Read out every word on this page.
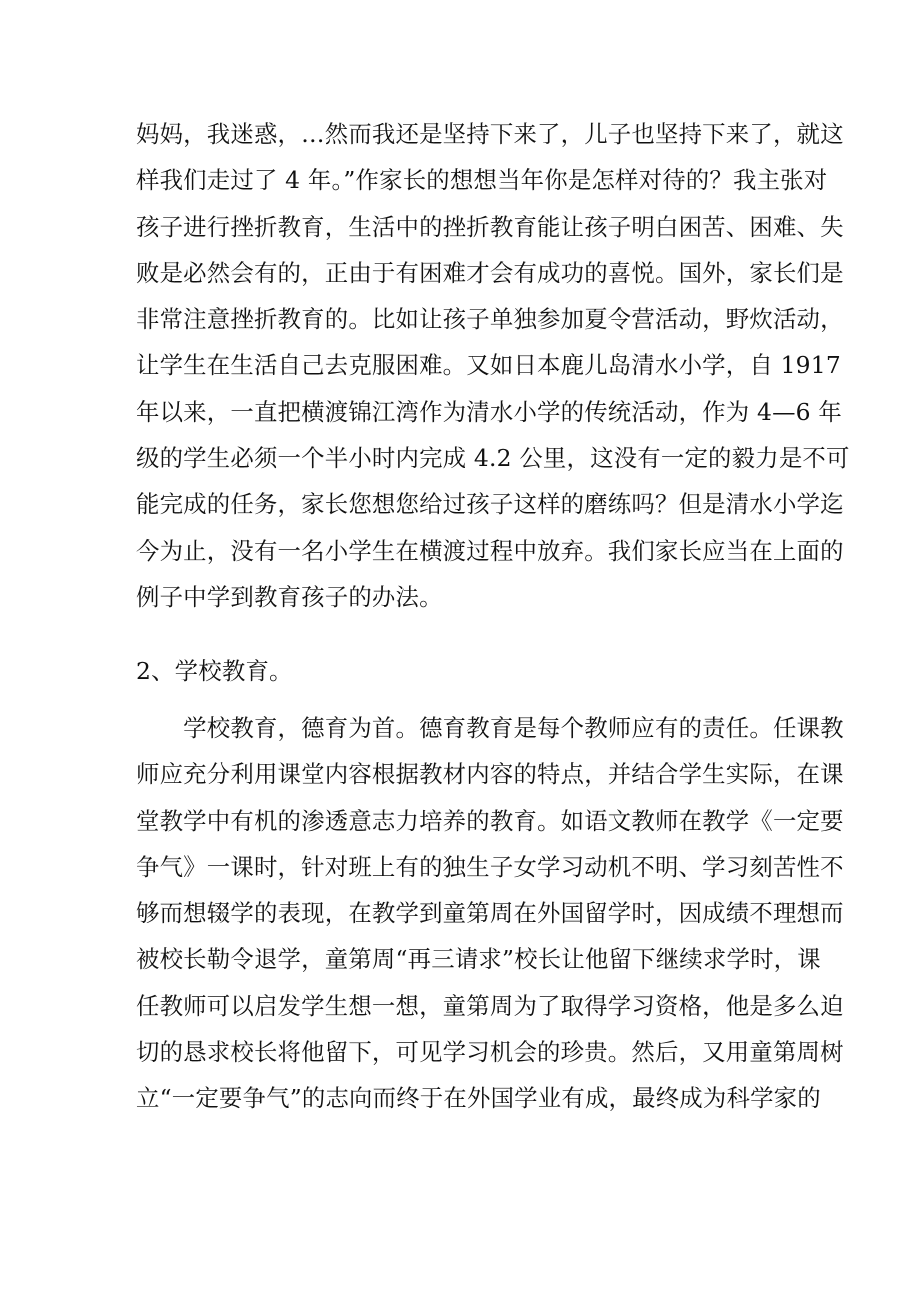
妈妈，我迷惑，…然而我还是坚持下来了，儿子也坚持下来了，就这
样我们走过了 4 年。”作家长的想想当年你是怎样对待的？我主张对
孩子进行挫折教育，生活中的挫折教育能让孩子明白困苦、困难、失
败是必然会有的，正由于有困难才会有成功的喜悦。国外，家长们是
非常注意挫折教育的。比如让孩子单独参加夏令营活动，野炊活动，
让学生在生活自己去克服困难。又如日本鹿儿岛清水小学，自 1917
年以来，一直把横渡锦江湾作为清水小学的传统活动，作为 4—6 年
级的学生必须一个半小时内完成 4.2 公里，这没有一定的毅力是不可
能完成的任务，家长您想您给过孩子这样的磨练吗？但是清水小学迄
今为止，没有一名小学生在横渡过程中放弃。我们家长应当在上面的
例子中学到教育孩子的办法。
2、学校教育。
　　学校教育，德育为首。德育教育是每个教师应有的责任。任课教
师应充分利用课堂内容根据教材内容的特点，并结合学生实际，在课
堂教学中有机的渗透意志力培养的教育。如语文教师在教学《一定要
争气》一课时，针对班上有的独生子女学习动机不明、学习刻苦性不
够而想辍学的表现，在教学到童第周在外国留学时，因成绩不理想而
被校长勒令退学，童第周“再三请求”校长让他留下继续求学时，课
任教师可以启发学生想一想，童第周为了取得学习资格，他是多么迫
切的恳求校长将他留下，可见学习机会的珍贵。然后，又用童第周树
立“一定要争气”的志向而终于在外国学业有成，最终成为科学家的
